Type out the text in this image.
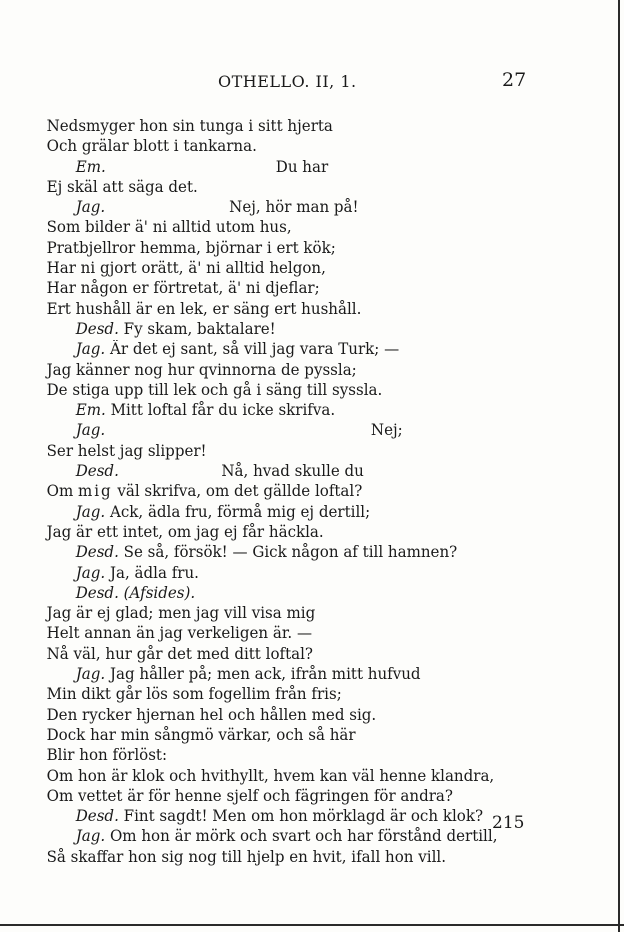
OTHELLO. II, 1.	27
Nedsmyger hon sin tunga i sitt hjerta
Och grälar blott i tankarna.
Em.	Du har
Ej skäl att säga det.
Jag.	Nej, hör man på!
Som bilder ä' ni alltid utom hus,
Pratbjellror hemma, björnar i ert kök;
Har ni gjort orätt, ä' ni alltid helgon,
Har någon er förtretat, ä' ni djeflar;
Ert hushåll är en lek, er säng ert hushåll.
Desd. Fy skam, baktalare!
Jag. Är det ej sant, så vill jag vara Turk; —
Jag känner nog hur qvinnorna de pyssla;
De stiga upp till lek och gå i säng till syssla.
Em. Mitt loftal får du icke skrifva.
Jag.	Nej;
Ser helst jag slipper!
Desd.	Nå, hvad skulle du
Om mig väl skrifva, om det gällde loftal?
Jag. Ack, ädla fru, förmå mig ej dertill;
Jag är ett intet, om jag ej får häckla.
Desd. Se så, försök! — Gick någon af till hamnen?
Jag. Ja, ädla fru.
Desd. (Afsides).
Jag är ej glad; men jag vill visa mig
Helt annan än jag verkeligen är. —
Nå väl, hur går det med ditt loftal?
Jag. Jag håller på; men ack, ifrån mitt hufvud
Min dikt går lös som fogellim från fris;
Den rycker hjernan hel och hållen med sig.
Dock har min sångmö värkar, och så här
Blir hon förlöst:
Om hon är klok och hvithyllt, hvem kan väl henne klandra,
Om vettet är för henne sjelf och fägringen för andra?
Desd. Fint sagdt! Men om hon mörklagd är och klok?
Jag. Om hon är mörk och svart och har förstånd dertill,
Så skaffar hon sig nog till hjelp en hvit, ifall hon vill.
215
